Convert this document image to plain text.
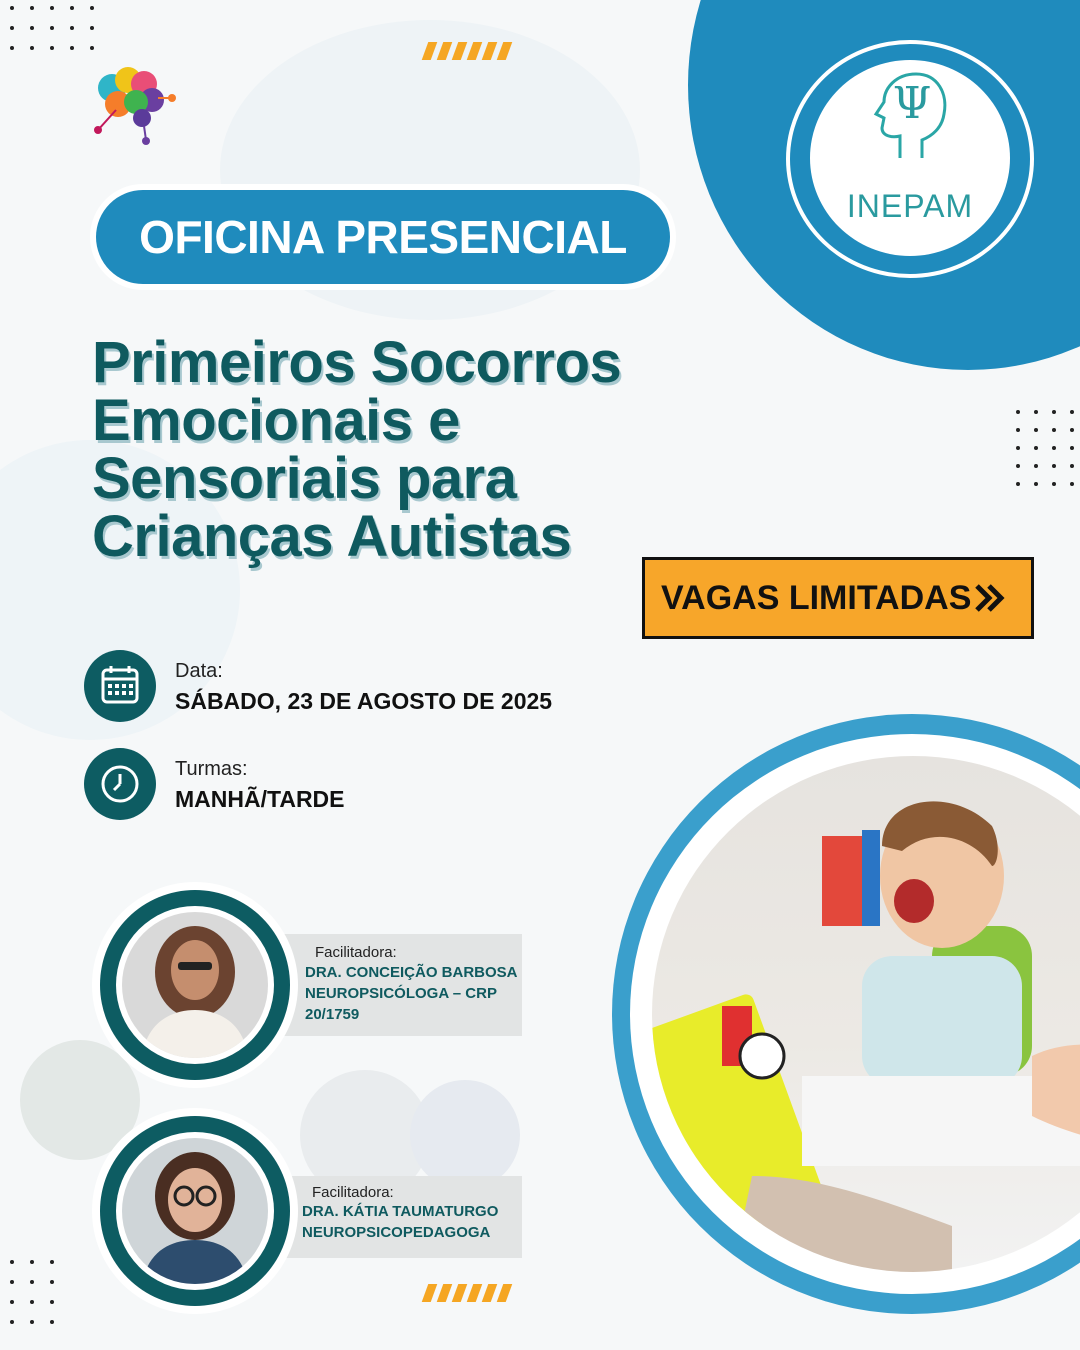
Ψ
INEPAM
OFICINA PRESENCIAL
Primeiros Socorros
Emocionais e
Sensoriais para
Crianças Autistas
VAGAS LIMITADAS
Data:
SÁBADO, 23 DE AGOSTO DE 2025
Turmas:
MANHÃ/TARDE
Facilitadora:
DRA. CONCEIÇÃO BARBOSA
NEUROPSICÓLOGA – CRP
20/1759
Facilitadora:
DRA. KÁTIA TAUMATURGO
NEUROPSICOPEDAGOGA
